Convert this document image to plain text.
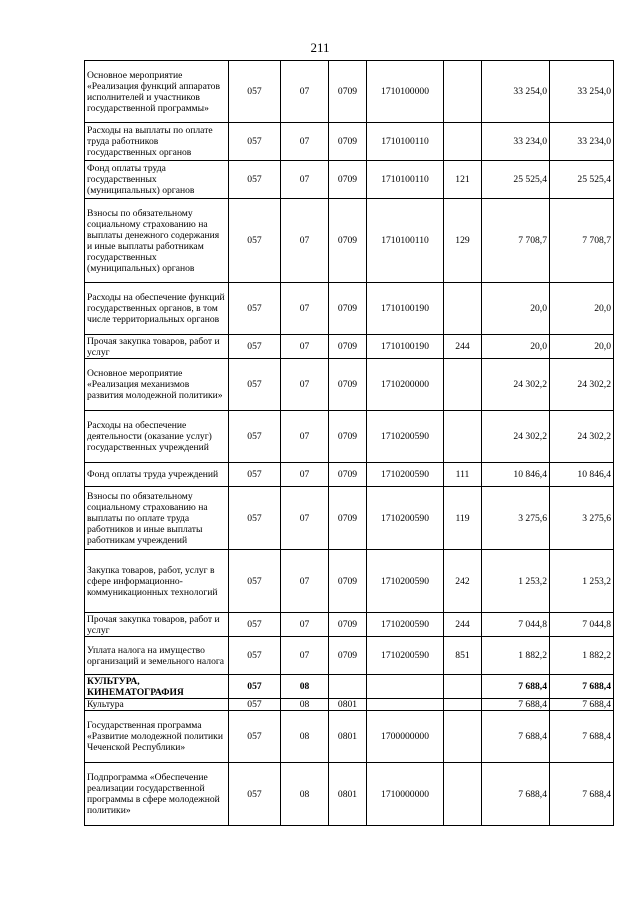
211
Основное мероприятие «Реализация функций аппаратов исполнителей и участников государственной программы»	057	07	0709	1710100000		33 254,0	33 254,0
Расходы на выплаты по оплате труда работников государственных органов	057	07	0709	1710100110		33 234,0	33 234,0
Фонд оплаты труда государственных (муниципальных) органов	057	07	0709	1710100110	121	25 525,4	25 525,4
Взносы по обязательному социальному страхованию на выплаты денежного содержания и иные выплаты работникам государственных (муниципальных) органов	057	07	0709	1710100110	129	7 708,7	7 708,7
Расходы на обеспечение функций государственных органов, в том числе территориальных органов	057	07	0709	1710100190		20,0	20,0
Прочая закупка товаров, работ и услуг	057	07	0709	1710100190	244	20,0	20,0
Основное мероприятие «Реализация механизмов развития молодежной политики»	057	07	0709	1710200000		24 302,2	24 302,2
Расходы на обеспечение деятельности (оказание услуг) государственных учреждений	057	07	0709	1710200590		24 302,2	24 302,2
Фонд оплаты труда учреждений	057	07	0709	1710200590	111	10 846,4	10 846,4
Взносы по обязательному социальному страхованию на выплаты по оплате труда работников и иные выплаты работникам учреждений	057	07	0709	1710200590	119	3 275,6	3 275,6
Закупка товаров, работ, услуг в сфере информационно-коммуникационных технологий	057	07	0709	1710200590	242	1 253,2	1 253,2
Прочая закупка товаров, работ и услуг	057	07	0709	1710200590	244	7 044,8	7 044,8
Уплата налога на имущество организаций и земельного налога	057	07	0709	1710200590	851	1 882,2	1 882,2
КУЛЬТУРА, КИНЕМАТОГРАФИЯ	057	08				7 688,4	7 688,4
Культура	057	08	0801			7 688,4	7 688,4
Государственная программа «Развитие молодежной политики Чеченской Республики»	057	08	0801	1700000000		7 688,4	7 688,4
Подпрограмма «Обеспечение реализации государственной программы в сфере молодежной политики»	057	08	0801	1710000000		7 688,4	7 688,4
